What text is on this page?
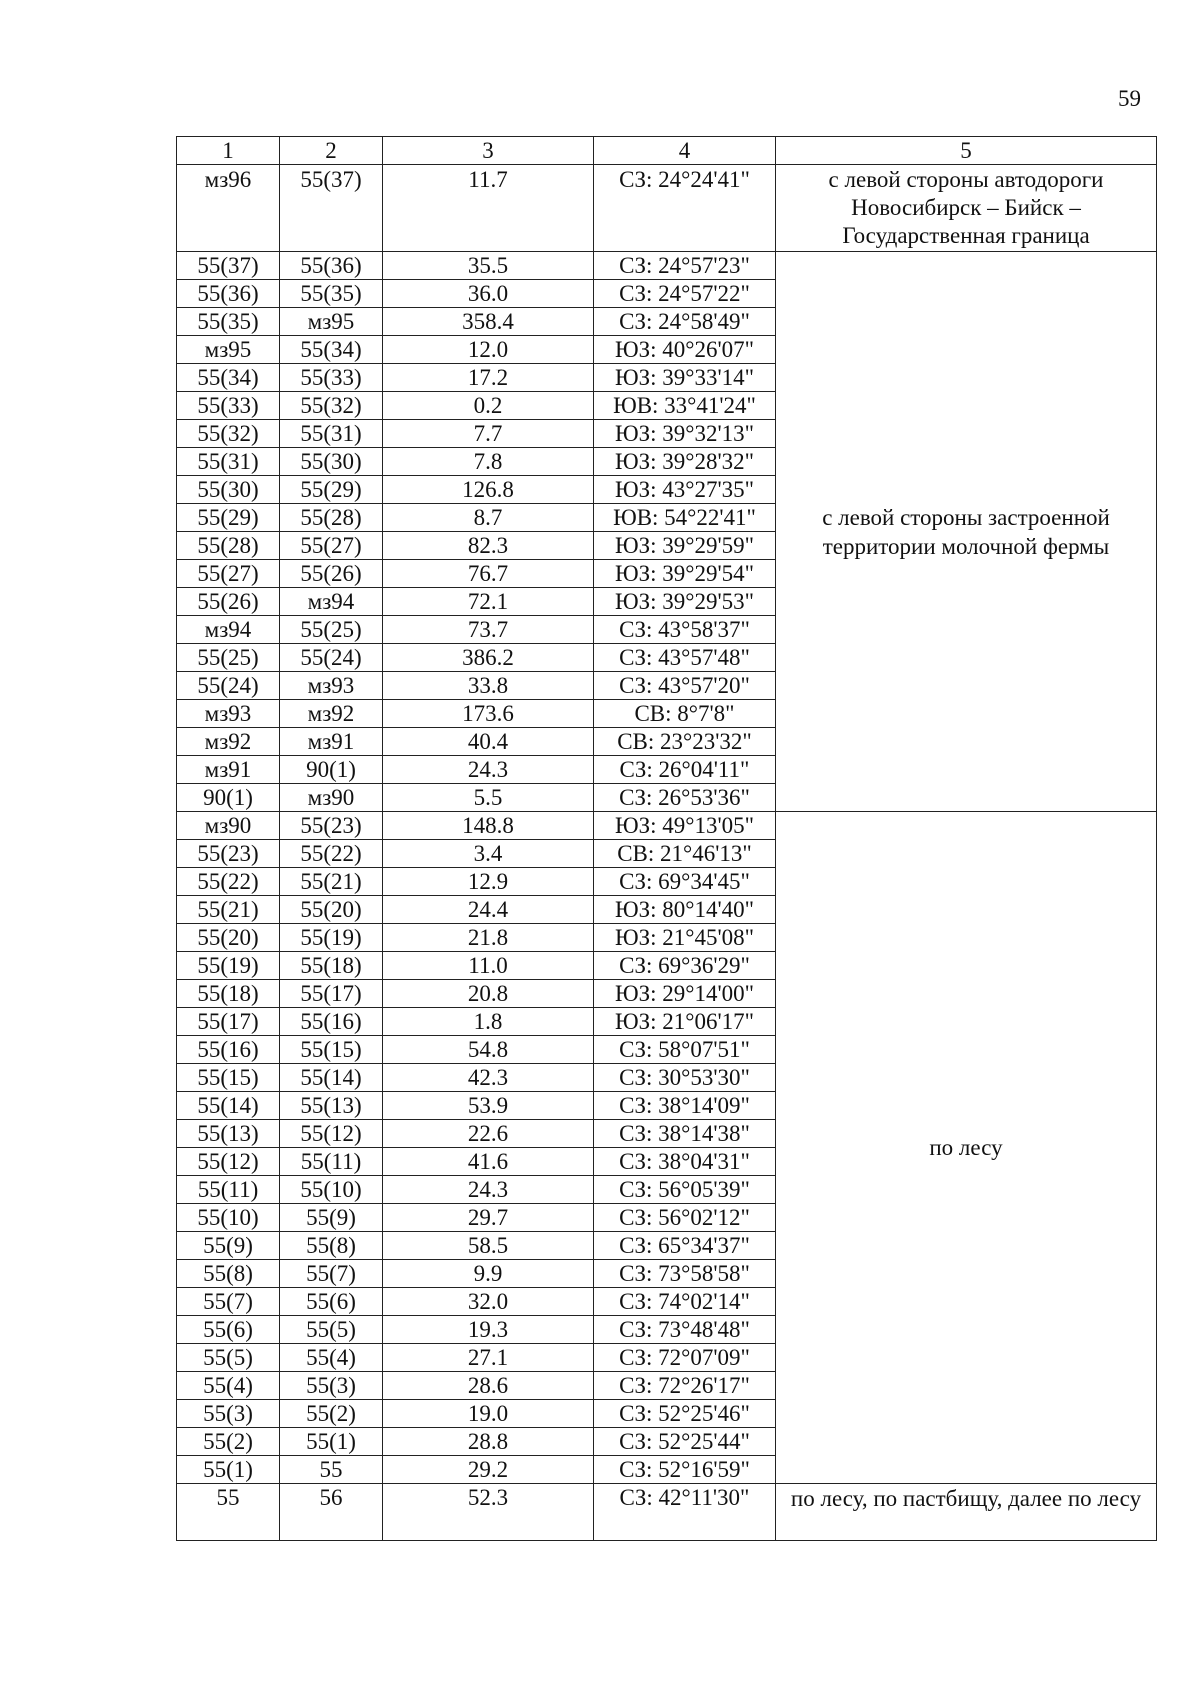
59
1	2	3	4	5
мз96	55(37)	11.7	СЗ: 24°24'41"	с левой стороны автодороги Новосибирск – Бийск – Государственная граница
55(37)	55(36)	35.5	СЗ: 24°57'23"	с левой стороны застроенной территории молочной фермы
55(36)	55(35)	36.0	СЗ: 24°57'22"	
55(35)	мз95	358.4	СЗ: 24°58'49"	
мз95	55(34)	12.0	ЮЗ: 40°26'07"	
55(34)	55(33)	17.2	ЮЗ: 39°33'14"	
55(33)	55(32)	0.2	ЮВ: 33°41'24"	
55(32)	55(31)	7.7	ЮЗ: 39°32'13"	
55(31)	55(30)	7.8	ЮЗ: 39°28'32"	
55(30)	55(29)	126.8	ЮЗ: 43°27'35"	
55(29)	55(28)	8.7	ЮВ: 54°22'41"	
55(28)	55(27)	82.3	ЮЗ: 39°29'59"	
55(27)	55(26)	76.7	ЮЗ: 39°29'54"	
55(26)	мз94	72.1	ЮЗ: 39°29'53"	
мз94	55(25)	73.7	СЗ: 43°58'37"	
55(25)	55(24)	386.2	СЗ: 43°57'48"	
55(24)	мз93	33.8	СЗ: 43°57'20"	
мз93	мз92	173.6	СВ: 8°7'8"	
мз92	мз91	40.4	СВ: 23°23'32"	
мз91	90(1)	24.3	СЗ: 26°04'11"	
90(1)	мз90	5.5	СЗ: 26°53'36"	
мз90	55(23)	148.8	ЮЗ: 49°13'05"	по лесу
55(23)	55(22)	3.4	СВ: 21°46'13"	
55(22)	55(21)	12.9	СЗ: 69°34'45"	
55(21)	55(20)	24.4	ЮЗ: 80°14'40"	
55(20)	55(19)	21.8	ЮЗ: 21°45'08"	
55(19)	55(18)	11.0	СЗ: 69°36'29"	
55(18)	55(17)	20.8	ЮЗ: 29°14'00"	
55(17)	55(16)	1.8	ЮЗ: 21°06'17"	
55(16)	55(15)	54.8	СЗ: 58°07'51"	
55(15)	55(14)	42.3	СЗ: 30°53'30"	
55(14)	55(13)	53.9	СЗ: 38°14'09"	
55(13)	55(12)	22.6	СЗ: 38°14'38"	
55(12)	55(11)	41.6	СЗ: 38°04'31"	
55(11)	55(10)	24.3	СЗ: 56°05'39"	
55(10)	55(9)	29.7	СЗ: 56°02'12"	
55(9)	55(8)	58.5	СЗ: 65°34'37"	
55(8)	55(7)	9.9	СЗ: 73°58'58"	
55(7)	55(6)	32.0	СЗ: 74°02'14"	
55(6)	55(5)	19.3	СЗ: 73°48'48"	
55(5)	55(4)	27.1	СЗ: 72°07'09"	
55(4)	55(3)	28.6	СЗ: 72°26'17"	
55(3)	55(2)	19.0	СЗ: 52°25'46"	
55(2)	55(1)	28.8	СЗ: 52°25'44"	
55(1)	55	29.2	СЗ: 52°16'59"	
55	56	52.3	СЗ: 42°11'30"	по лесу, по пастбищу, далее по лесу
